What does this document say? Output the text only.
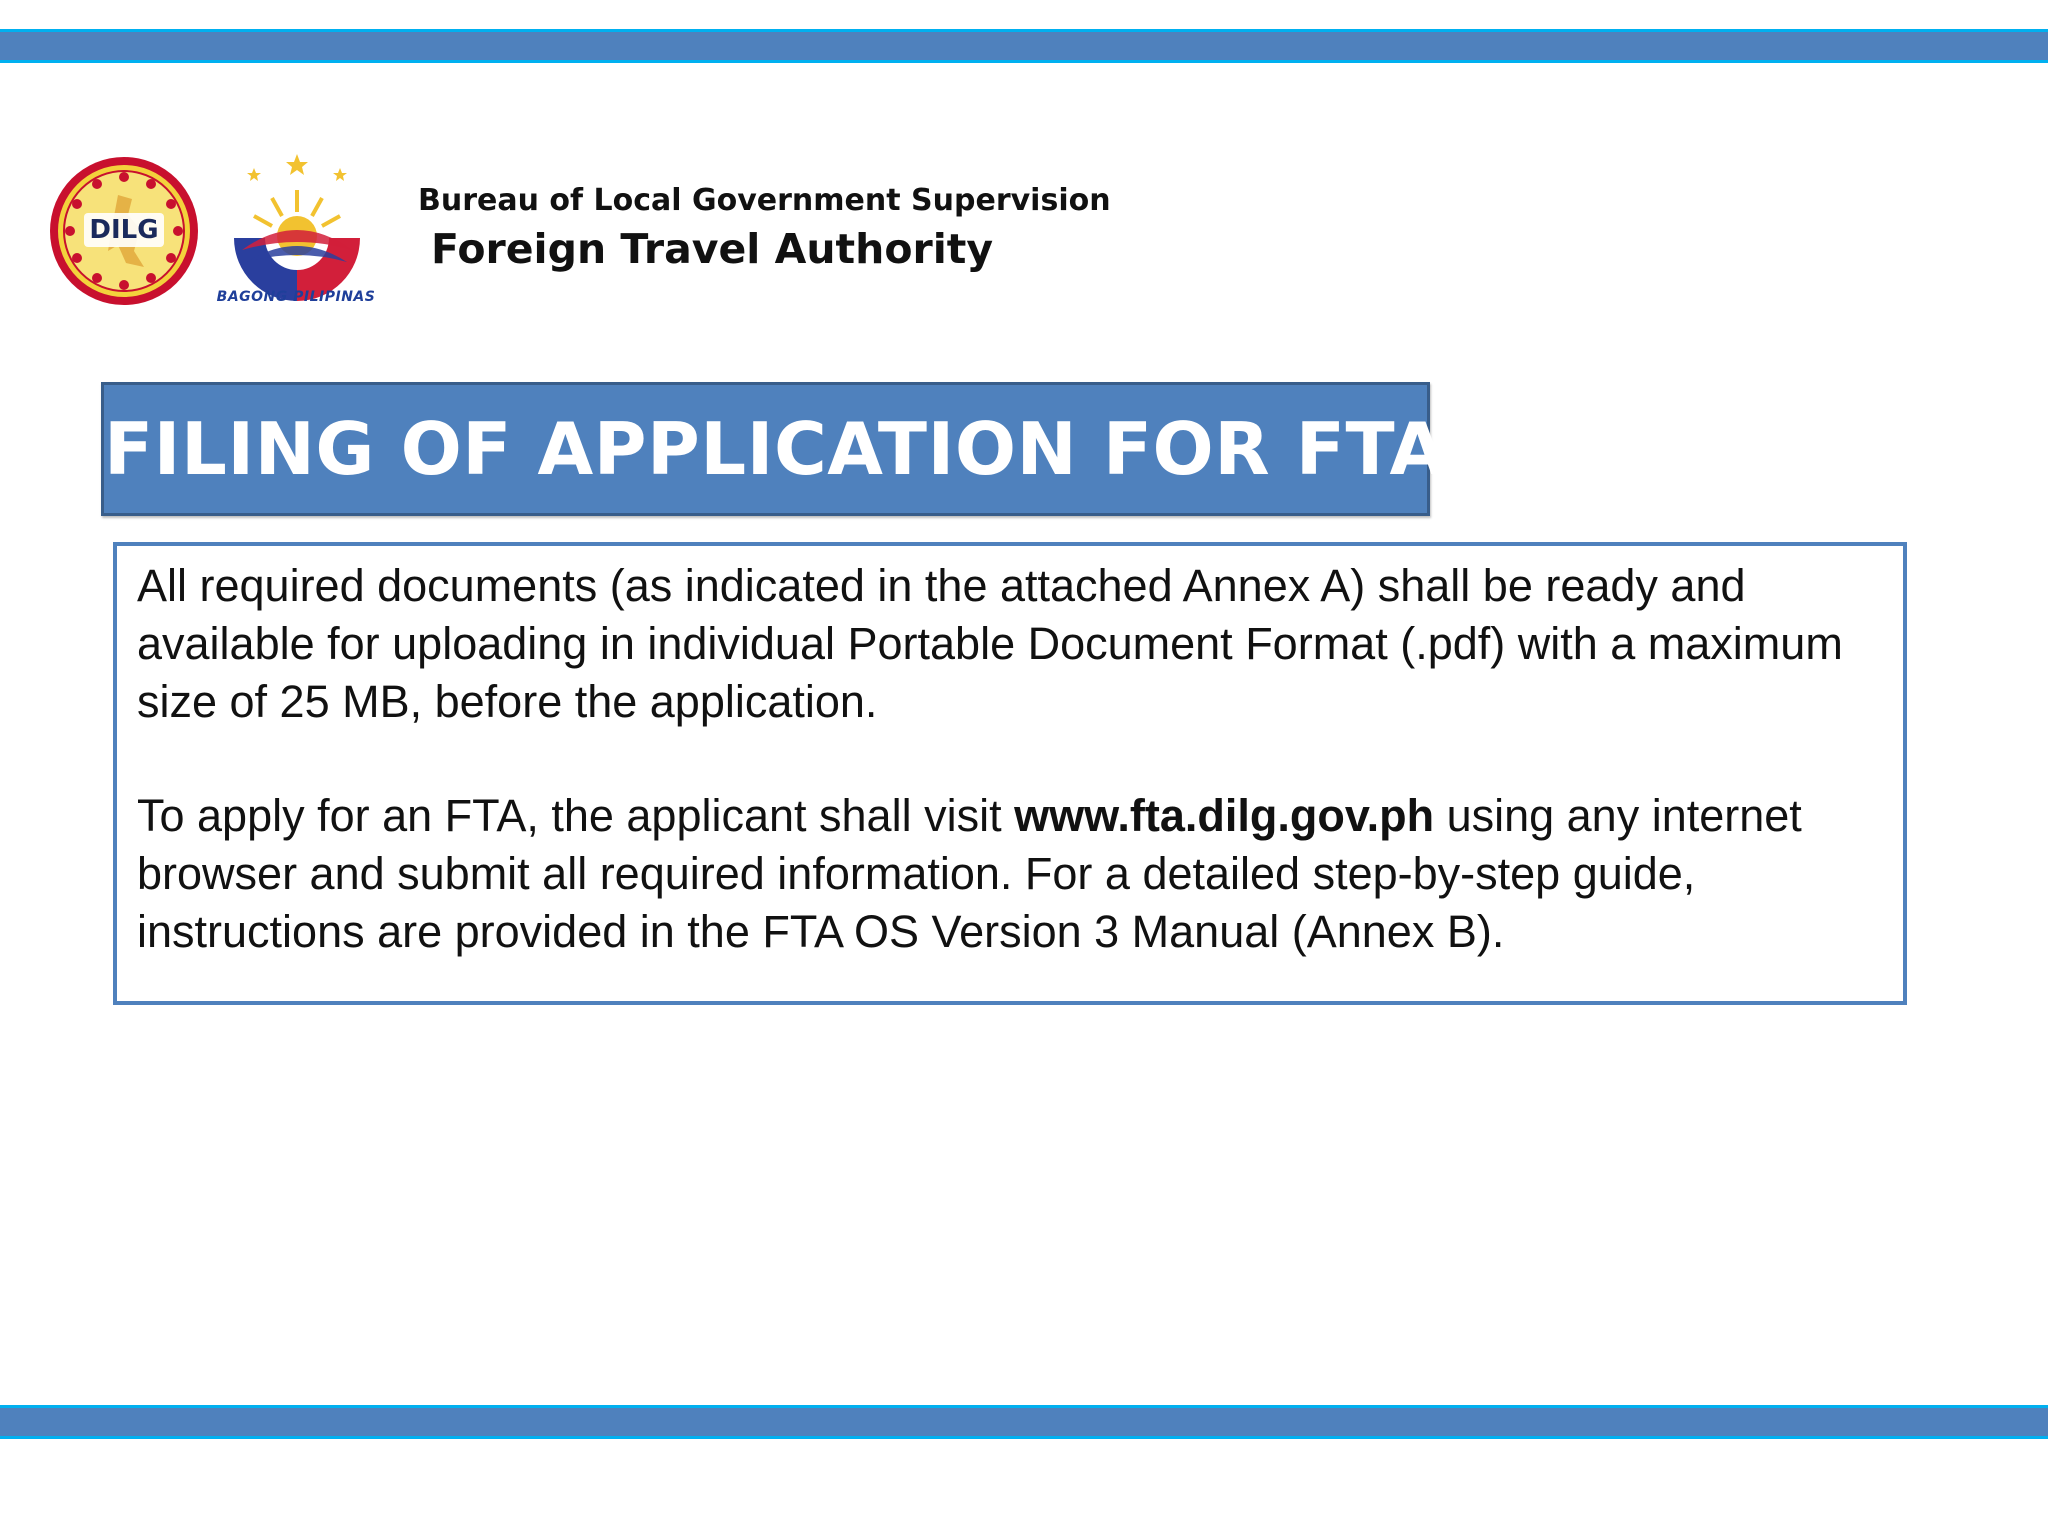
DILG
BAGONG PILIPINAS
Bureau of Local Government Supervision
Foreign Travel Authority
FILING OF APPLICATION FOR FTA

All required documents (as indicated in the attached Annex A) shall be ready and available for uploading in individual Portable Document Format (.pdf) with a maximum size of 25 MB, before the application.

To apply for an FTA, the applicant shall visit www.fta.dilg.gov.ph using any internet browser and submit all required information. For a detailed step-by-step guide, instructions are provided in the FTA OS Version 3 Manual (Annex B).
